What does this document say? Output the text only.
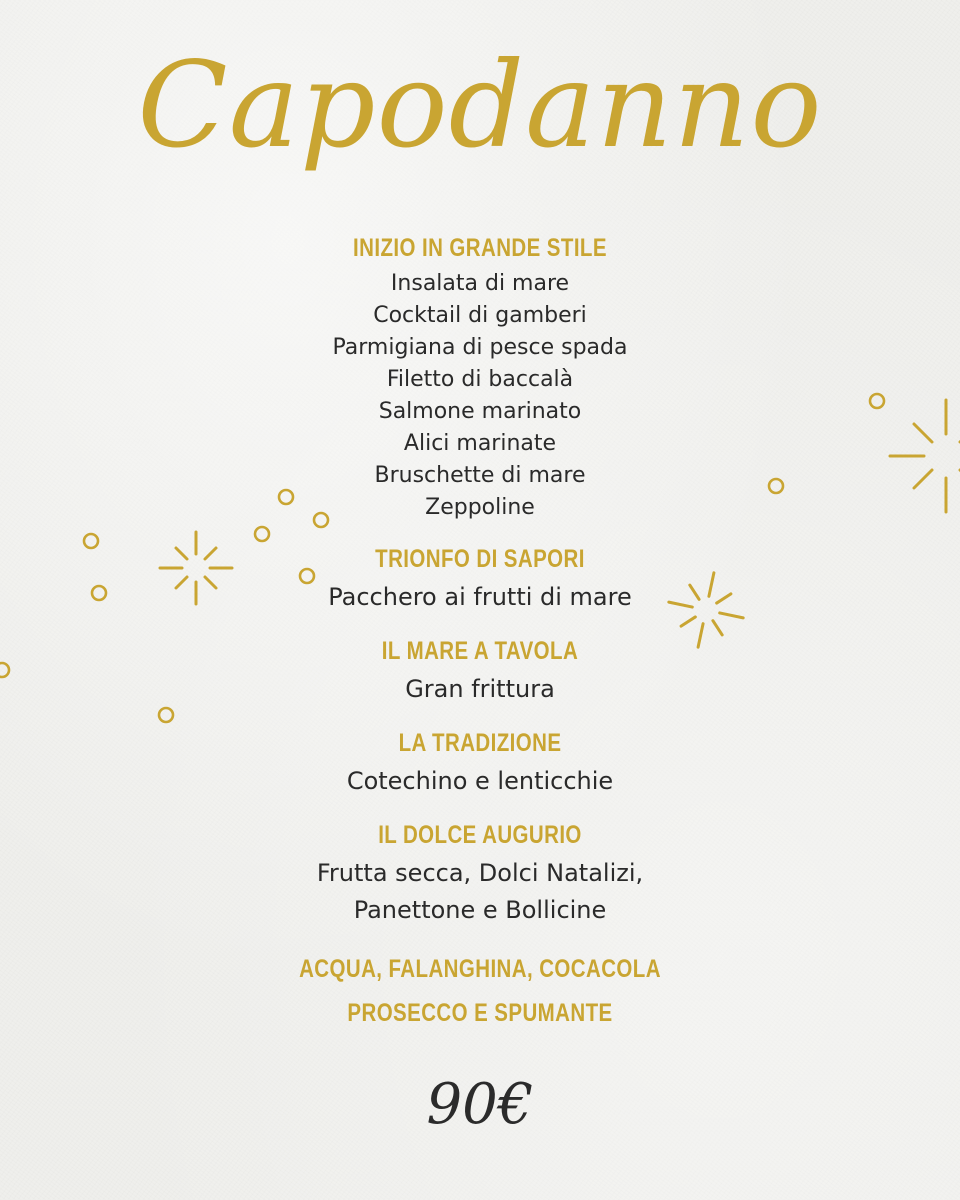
Capodanno

INIZIO IN GRANDE STILE

Insalata di mare

Cocktail di gamberi

Parmigiana di pesce spada

Filetto di baccalà

Salmone marinato

Alici marinate

Bruschette di mare

Zeppoline

TRIONFO DI SAPORI

Pacchero ai frutti di mare

IL MARE A TAVOLA

Gran frittura

LA TRADIZIONE

Cotechino e lenticchie

IL DOLCE AUGURIO

Frutta secca, Dolci Natalizi,

Panettone e Bollicine

ACQUA, FALANGHINA, COCACOLA

PROSECCO E SPUMANTE

90€
